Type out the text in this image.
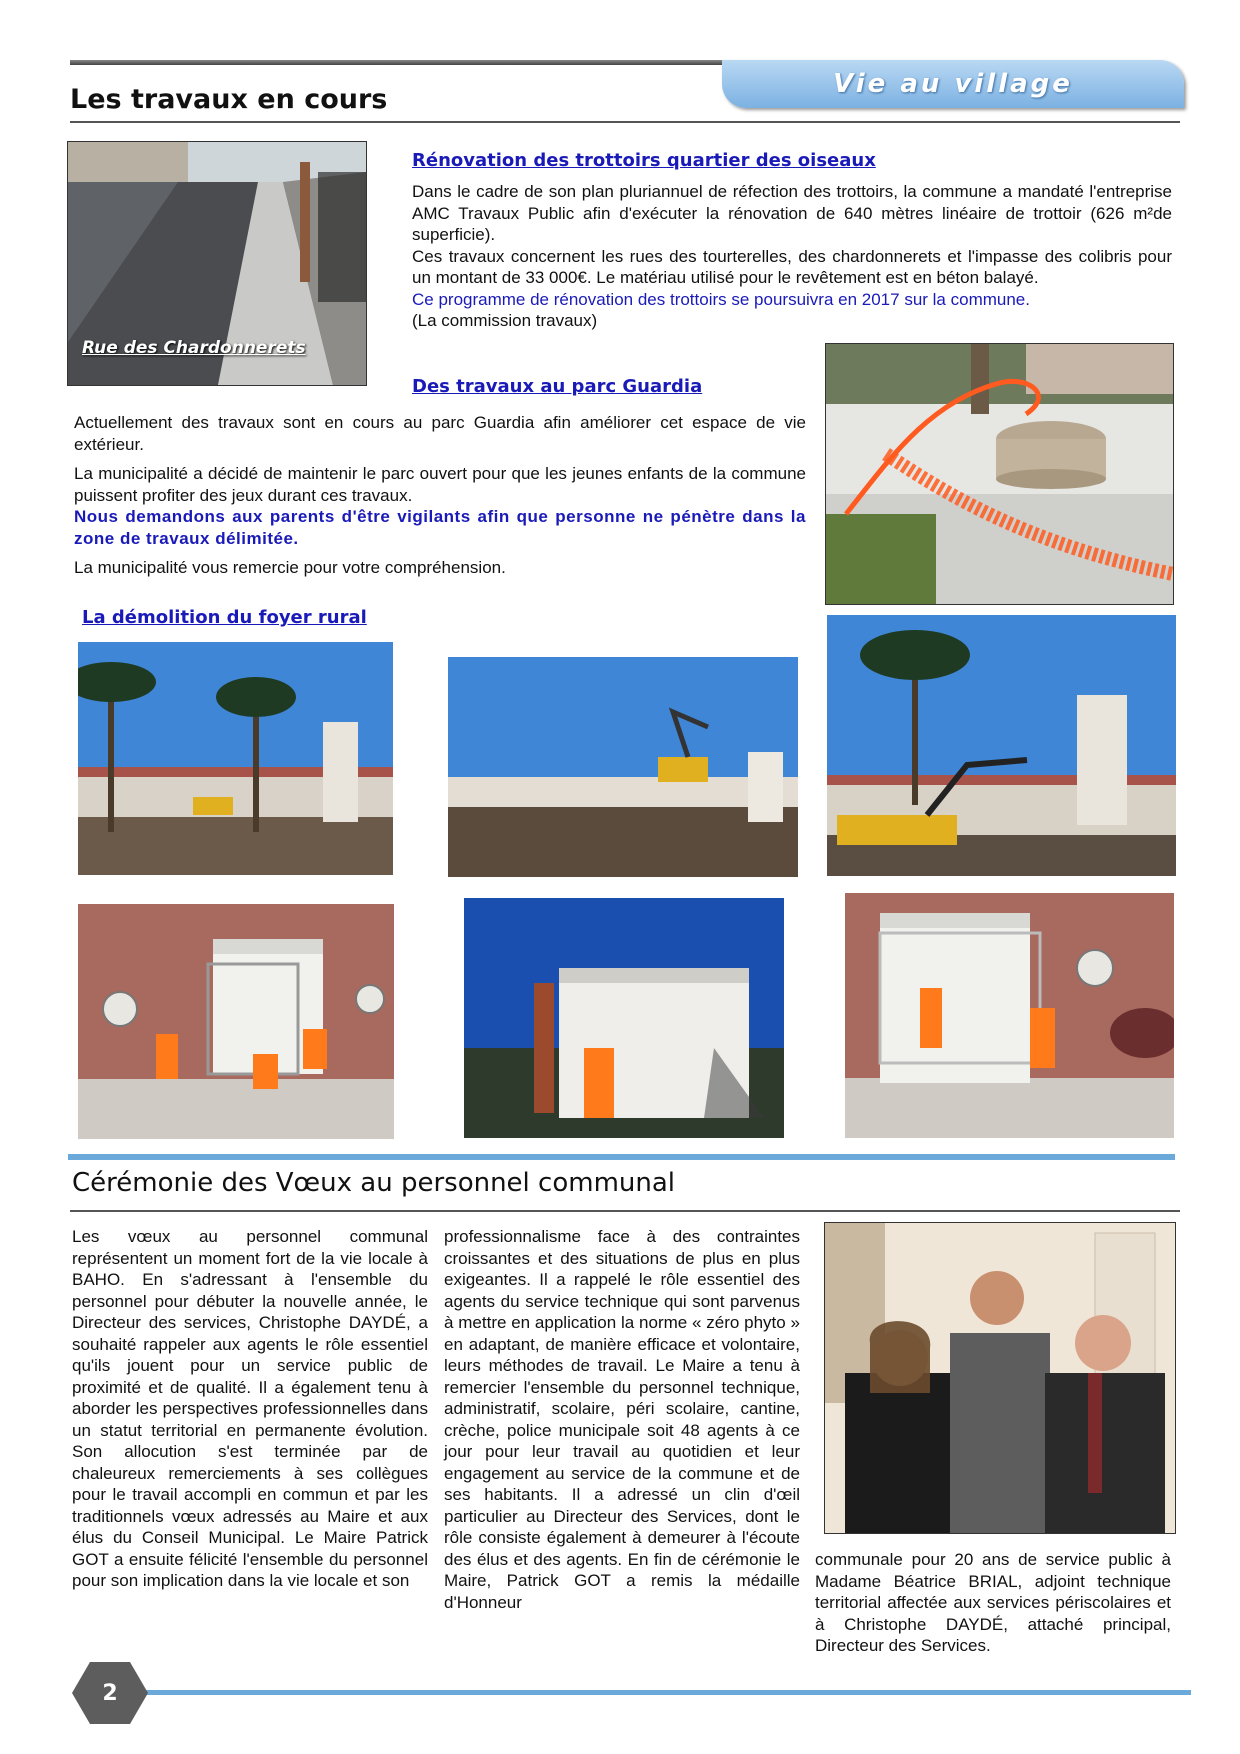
Vie au village
Les travaux en cours
Rue des Chardonnerets
Rénovation des trottoirs quartier des oiseaux

Dans le cadre de son plan pluriannuel de réfection des trottoirs, la commune a mandaté l'entreprise AMC Travaux Public afin d'exécuter la rénovation de 640 mètres linéaire de trottoir (626 m²de superficie).

Ces travaux concernent les rues des tourterelles, des chardonnerets et l'impasse des colibris pour un montant de 33 000€. Le matériau utilisé pour le revêtement est en béton balayé.

Ce programme de rénovation des trottoirs se poursuivra en 2017 sur la commune.

(La commission travaux)

Des travaux au parc Guardia

Actuellement des travaux sont en cours au parc Guardia afin améliorer cet espace de vie extérieur.

La municipalité a décidé de maintenir le parc ouvert pour que les jeunes enfants de la commune puissent profiter des jeux durant ces travaux.

Nous demandons aux parents d'être vigilants afin que personne ne pénètre dans la zone de travaux délimitée.

La municipalité vous remercie pour votre compréhension.

La démolition du foyer rural
Cérémonie des Vœux au personnel communal

Les vœux au personnel communal représentent un moment fort de la vie locale à BAHO. En s'adressant à l'ensemble du personnel pour débuter la nouvelle année, le Directeur des services, Christophe DAYDÉ, a souhaité rappeler aux agents le rôle essentiel qu'ils jouent pour un service public de proximité et de qualité. Il a également tenu à aborder les perspectives professionnelles dans un statut territorial en permanente évolution. Son allocution s'est terminée par de chaleureux remerciements à ses collègues pour le travail accompli en commun et par les traditionnels vœux adressés au Maire et aux élus du Conseil Municipal. Le Maire Patrick GOT a ensuite félicité l'ensemble du personnel pour son implication dans la vie locale et son

professionnalisme face à des contraintes croissantes et des situations de plus en plus exigeantes. Il a rappelé le rôle essentiel des agents du service technique qui sont parvenus à mettre en application la norme « zéro phyto » en adaptant, de manière efficace et volontaire, leurs méthodes de travail. Le Maire a tenu à remercier l'ensemble du personnel technique, administratif, scolaire, péri scolaire, cantine, crèche, police municipale soit 48 agents à ce jour pour leur travail au quotidien et leur engagement au service de la commune et de ses habitants. Il a adressé un clin d'œil particulier au Directeur des Services, dont le rôle consiste également à demeurer à l'écoute des élus et des agents. En fin de cérémonie le Maire, Patrick GOT a remis la médaille d'Honneur

communale pour 20 ans de service public à Madame Béatrice BRIAL, adjoint technique territorial affectée aux services périscolaires et à Christophe DAYDÉ, attaché principal, Directeur des Services.

2
